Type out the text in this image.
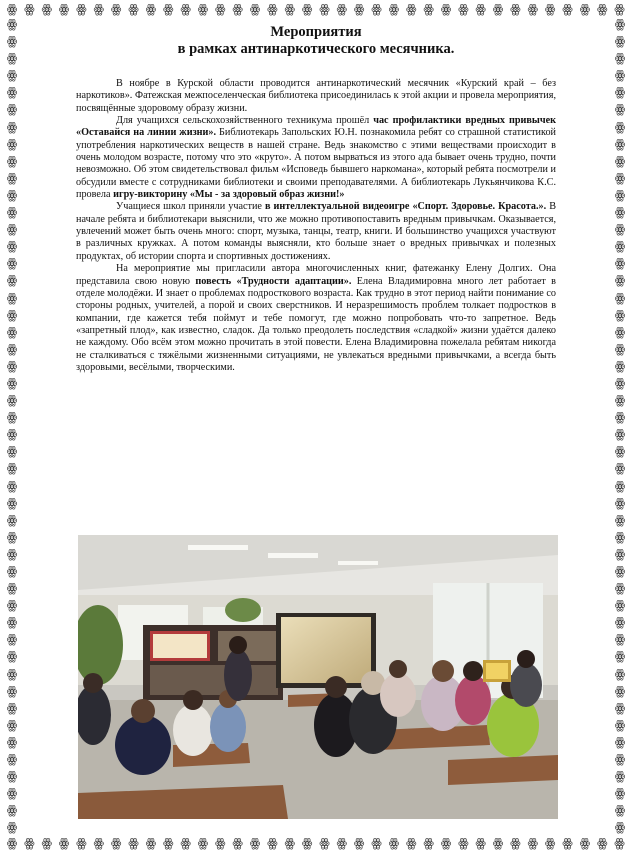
ꙮ ꙮ ꙮ ꙮ ꙮ ꙮ ꙮ ꙮ ꙮ ꙮ ꙮ ꙮ ꙮ ꙮ ꙮ ꙮ ꙮ ꙮ ꙮ ꙮ ꙮ ꙮ ꙮ ꙮ ꙮ ꙮ ꙮ ꙮ ꙮ ꙮ ꙮ ꙮ ꙮ ꙮ ꙮ ꙮ
ꙮ ꙮ ꙮ ꙮ ꙮ ꙮ ꙮ ꙮ ꙮ ꙮ ꙮ ꙮ ꙮ ꙮ ꙮ ꙮ ꙮ ꙮ ꙮ ꙮ ꙮ ꙮ ꙮ ꙮ ꙮ ꙮ ꙮ ꙮ ꙮ ꙮ ꙮ ꙮ ꙮ ꙮ ꙮ ꙮ
ꙮ
ꙮ
ꙮ
ꙮ
ꙮ
ꙮ
ꙮ
ꙮ
ꙮ
ꙮ
ꙮ
ꙮ
ꙮ
ꙮ
ꙮ
ꙮ
ꙮ
ꙮ
ꙮ
ꙮ
ꙮ
ꙮ
ꙮ
ꙮ
ꙮ
ꙮ
ꙮ
ꙮ
ꙮ
ꙮ
ꙮ
ꙮ
ꙮ
ꙮ
ꙮ
ꙮ
ꙮ
ꙮ
ꙮ
ꙮ
ꙮ
ꙮ
ꙮ
ꙮ
ꙮ
ꙮ
ꙮ
ꙮ
ꙮ
ꙮ
ꙮ
ꙮ
ꙮ
ꙮ
ꙮ
ꙮ
ꙮ
ꙮ
ꙮ
ꙮ
ꙮ
ꙮ
ꙮ
ꙮ
ꙮ
ꙮ
ꙮ
ꙮ
ꙮ
ꙮ
ꙮ
ꙮ
ꙮ
ꙮ
ꙮ
ꙮ
ꙮ
ꙮ
ꙮ
ꙮ
ꙮ
ꙮ
ꙮ
ꙮ
ꙮ
ꙮ
ꙮ
ꙮ
ꙮ
ꙮ
ꙮ
ꙮ
ꙮ
ꙮ
ꙮ
ꙮ
Мероприятия
в рамках антинаркотического месячника.

В ноябре в Курской области проводится антинаркотический месячник «Курский край – без наркотиков». Фатежская межпоселенческая библиотека присоединилась к этой акции и провела мероприятия, посвящённые здоровому образу жизни.

Для учащихся сельскохозяйственного техникума прошёл час профилактики вредных привычек «Оставайся на линии жизни». Библиотекарь Запольских Ю.Н. познакомила ребят со страшной статистикой употребления наркотических веществ в нашей стране. Ведь знакомство с этими веществами происходит в очень молодом возрасте, потому что это «круто». А потом вырваться из этого ада бывает очень трудно, почти невозможно. Об этом свидетельствовал фильм «Исповедь бывшего наркомана», который ребята посмотрели и обсудили вместе с сотрудниками библиотеки и своими преподавателями. А библиотекарь Лукьянчикова К.С. провела игру-викторину «Мы - за здоровый образ жизни!»

Учащиеся школ приняли участие в интеллектуальной видеоигре «Спорт. Здоровье. Красота.». В начале ребята и библиотекари выяснили, что же можно противопоставить вредным привычкам. Оказывается, увлечений может быть очень много: спорт, музыка, танцы, театр, книги. И большинство учащихся участвуют в различных кружках. А потом команды выясняли, кто больше знает о вредных привычках и полезных продуктах, об истории спорта и спортивных достижениях.

На мероприятие мы пригласили автора многочисленных книг, фатежанку Елену Долгих. Она представила свою новую повесть «Трудности адаптации». Елена Владимировна много лет работает в отделе молодёжи. И знает о проблемах подросткового возраста. Как трудно в этот период найти понимание со стороны родных, учителей, а порой и своих сверстников. И неразрешимость проблем толкает подростков в компании, где кажется тебя поймут и тебе помогут, где можно попробовать что-то запретное. Ведь «запретный плод», как известно, сладок. Да только преодолеть последствия «сладкой» жизни удаётся далеко не каждому. Обо всём этом можно прочитать в этой повести. Елена Владимировна пожелала ребятам никогда не сталкиваться с тяжёлыми жизненными ситуациями, не увлекаться вредными привычками, а всегда быть здоровыми, весёлыми, творческими.
